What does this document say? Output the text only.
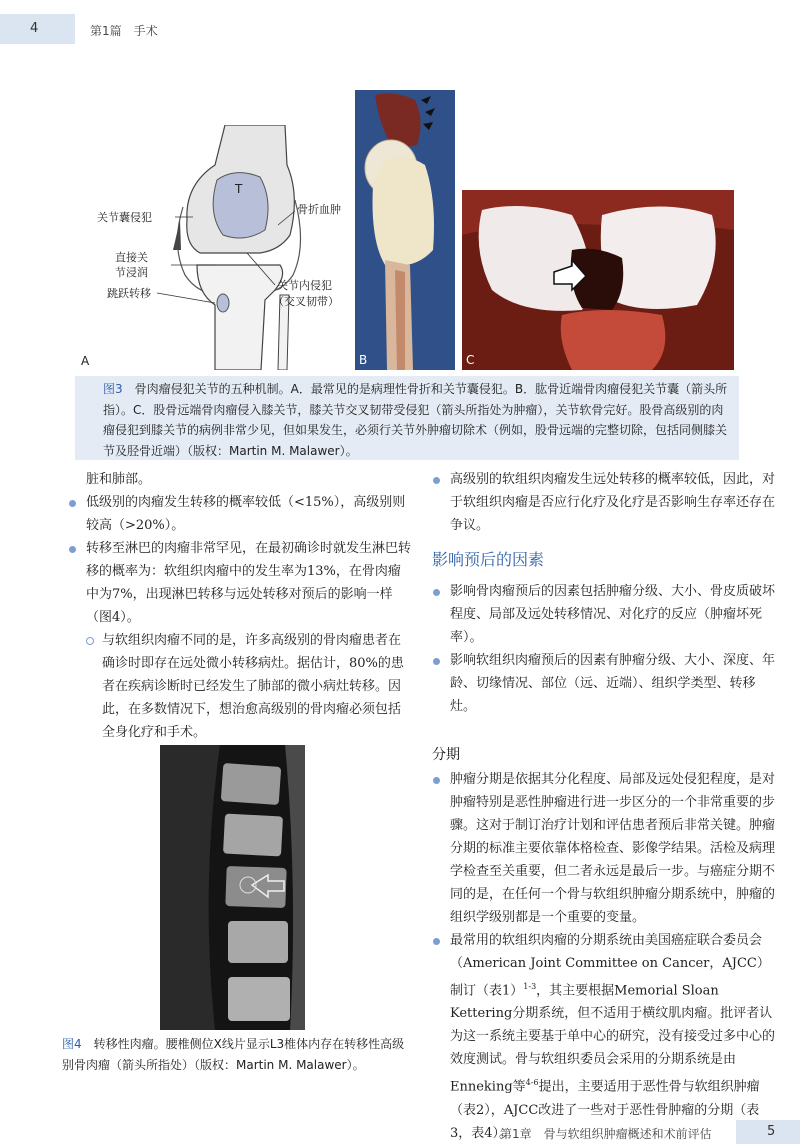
4	第1篇　手术
T
关节囊侵犯
骨折血肿
直接关
节浸润
跳跃转移
关节内侵犯
（交叉韧带）
A	B	C
图3　骨肉瘤侵犯关节的五种机制。A．最常见的是病理性骨折和关节囊侵犯。B．肱骨近端骨肉瘤侵犯关节囊（箭头所指）。C．股骨远端骨肉瘤侵入膝关节，膝关节交叉韧带受侵犯（箭头所指处为肿瘤），关节软骨完好。股骨高级别的肉瘤侵犯到膝关节的病例非常少见，但如果发生，必须行关节外肿瘤切除术（例如，股骨远端的完整切除，包括同侧膝关节及胫骨近端）（版权：Martin M. Malawer）。

脏和肺部。

低级别的肉瘤发生转移的概率较低（<15%），高级别则较高（>20%）。

转移至淋巴的肉瘤非常罕见，在最初确诊时就发生淋巴转移的概率为：软组织肉瘤中的发生率为13%，在骨肉瘤中为7%，出现淋巴转移与远处转移对预后的影响一样（图4）。

与软组织肉瘤不同的是，许多高级别的骨肉瘤患者在确诊时即存在远处微小转移病灶。据估计，80%的患者在疾病诊断时已经发生了肺部的微小病灶转移。因此，在多数情况下，想治愈高级别的骨肉瘤必须包括全身化疗和手术。

图4　转移性肉瘤。腰椎侧位X线片显示L3椎体内存在转移性高级别骨肉瘤（箭头所指处）（版权：Martin M. Malawer）。

高级别的软组织肉瘤发生远处转移的概率较低，因此，对于软组织肉瘤是否应行化疗及化疗是否影响生存率还存在争议。

影响预后的因素

影响骨肉瘤预后的因素包括肿瘤分级、大小、骨皮质破坏程度、局部及远处转移情况、对化疗的反应（肿瘤坏死率）。

影响软组织肉瘤预后的因素有肿瘤分级、大小、深度、年龄、切缘情况、部位（远、近端）、组织学类型、转移灶。

分期

肿瘤分期是依据其分化程度、局部及远处侵犯程度，是对肿瘤特别是恶性肿瘤进行进一步区分的一个非常重要的步骤。这对于制订治疗计划和评估患者预后非常关键。肿瘤分期的标准主要依靠体格检查、影像学结果。活检及病理学检查至关重要，但二者永远是最后一步。与癌症分期不同的是，在任何一个骨与软组织肿瘤分期系统中，肿瘤的组织学级别都是一个重要的变量。

最常用的软组织肉瘤的分期系统由美国癌症联合委员会（American Joint Committee on Cancer，AJCC）制订（表1）$^{1-3}$，其主要根据Memorial Sloan Kettering分期系统，但不适用于横纹肌肉瘤。批评者认为这一系统主要基于单中心的研究，没有接受过多中心的效度测试。骨与软组织委员会采用的分期系统是由Enneking等$^{4-6}$提出，主要适用于恶性骨与软组织肿瘤（表2），AJCC改进了一些对于恶性骨肿瘤的分期（表3，表4）。

第1章　骨与软组织肿瘤概述和术前评估	5
